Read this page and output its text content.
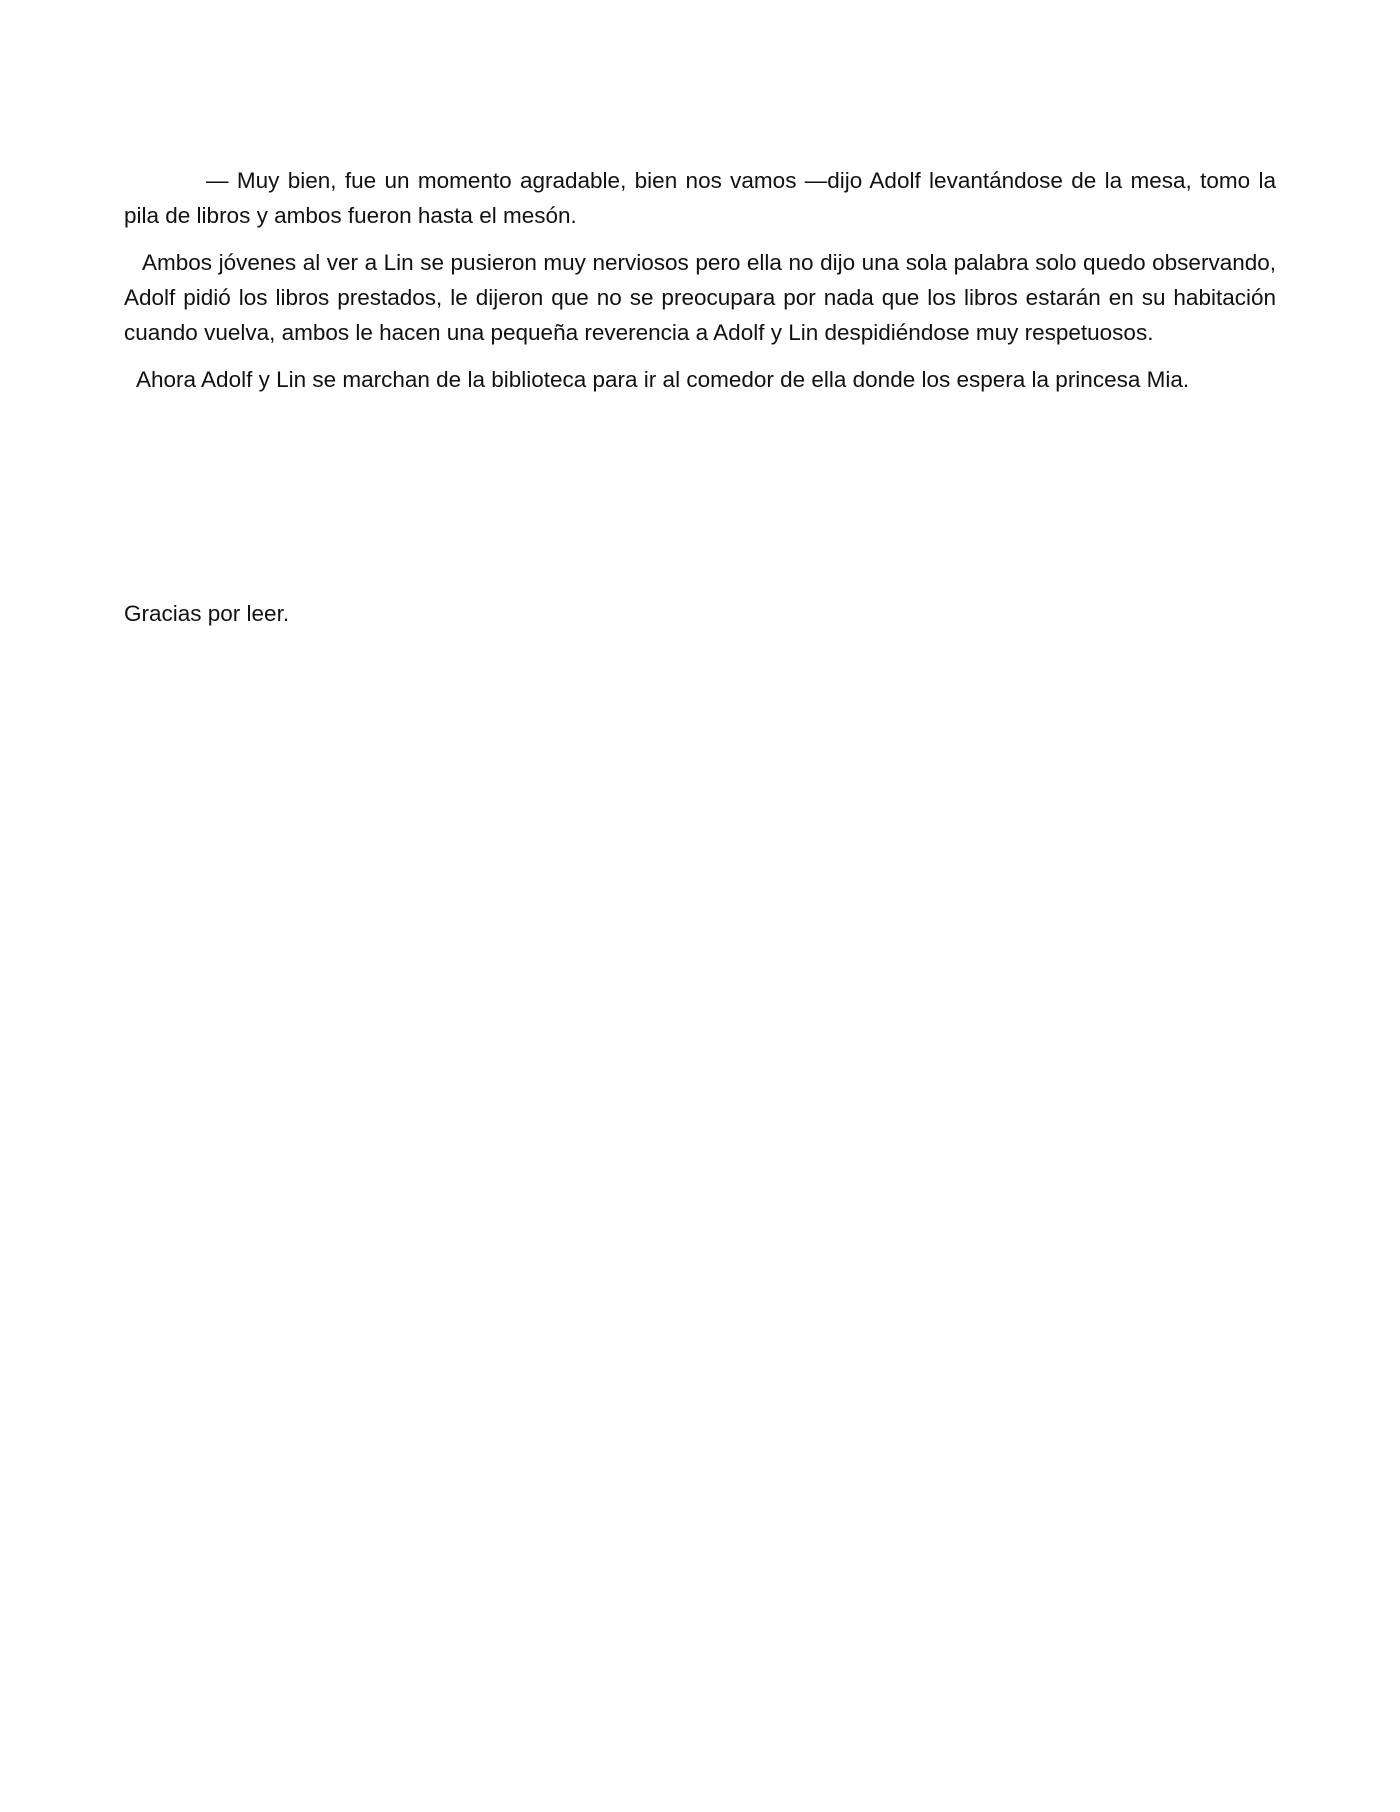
— Muy bien, fue un momento agradable, bien nos vamos —dijo Adolf levantándose de la mesa, tomo la pila de libros y ambos fueron hasta el mesón.

Ambos jóvenes al ver a Lin se pusieron muy nerviosos pero ella no dijo una sola palabra solo quedo observando, Adolf pidió los libros prestados, le dijeron que no se preocupara por nada que los libros estarán en su habitación cuando vuelva, ambos le hacen una pequeña reverencia a Adolf y Lin despidiéndose muy respetuosos.

Ahora Adolf y Lin se marchan de la biblioteca para ir al comedor de ella donde los espera la princesa Mia.

Gracias por leer.
